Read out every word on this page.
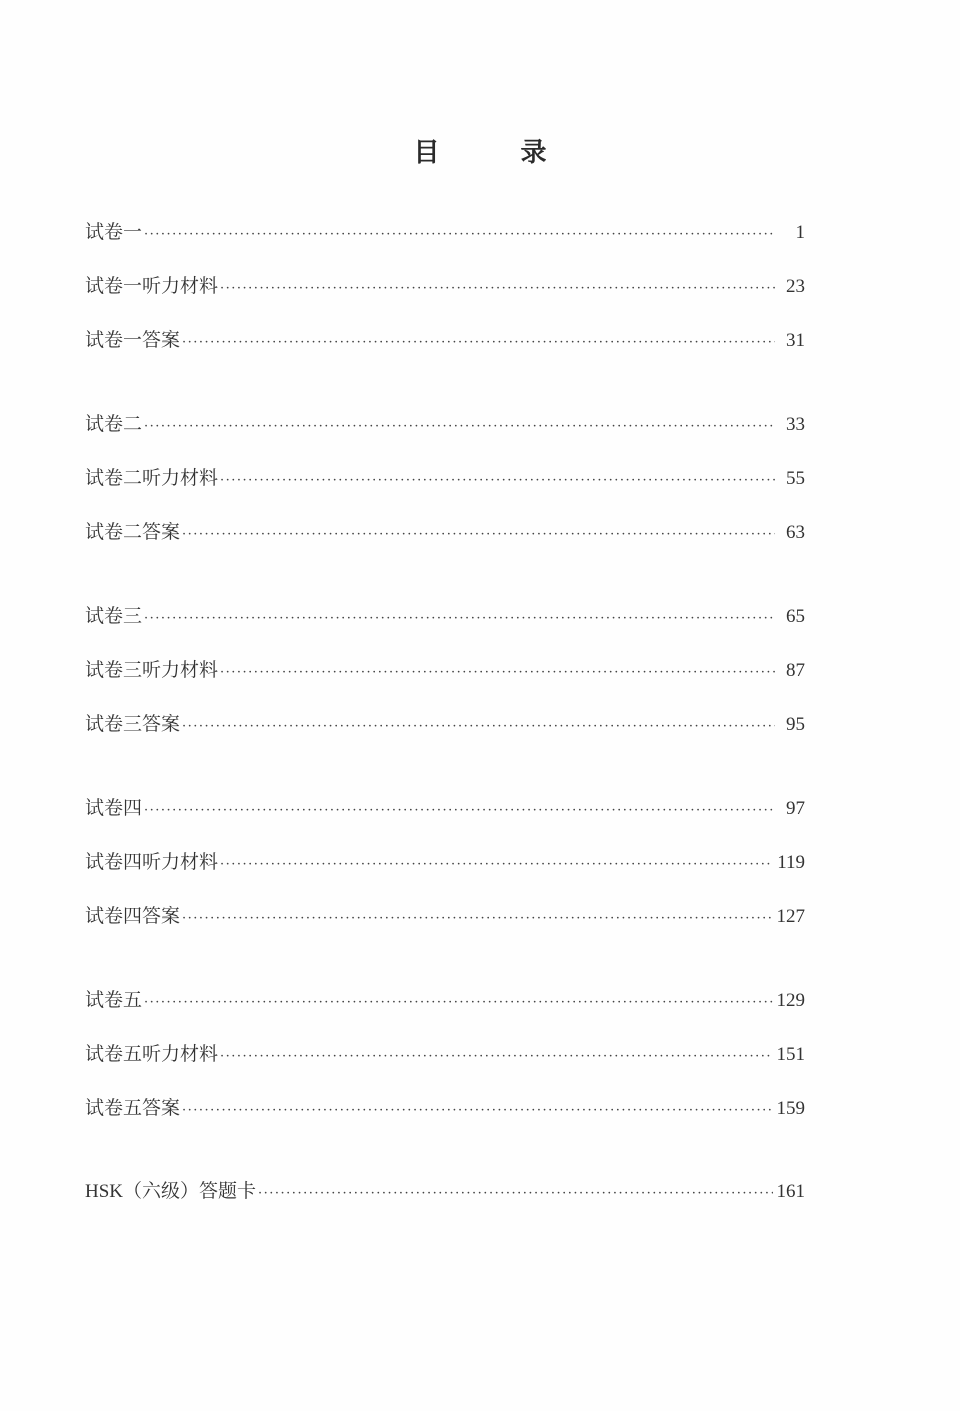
目 录
试卷一 ·····	1
试卷一听力材料 ·····	23
试卷一答案 ·····	31
试卷二 ·····	33
试卷二听力材料 ·····	55
试卷二答案 ·····	63
试卷三 ·····	65
试卷三听力材料 ·····	87
试卷三答案 ·····	95
试卷四 ·····	97
试卷四听力材料 ·····	119
试卷四答案 ·····	127
试卷五 ·····	129
试卷五听力材料 ·····	151
试卷五答案 ·····	159
HSK（六级）答题卡 ·····	161
